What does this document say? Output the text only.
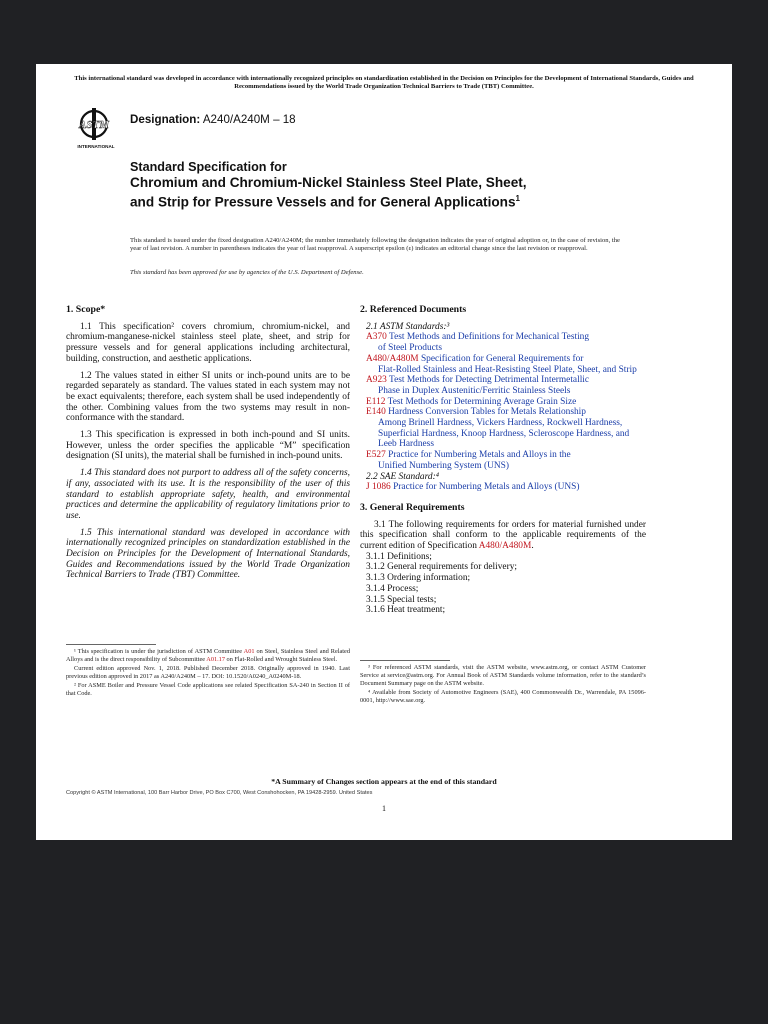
This international standard was developed in accordance with internationally recognized principles on standardization established in the Decision on Principles for the Development of International Standards, Guides and Recommendations issued by the World Trade Organization Technical Barriers to Trade (TBT) Committee.
ASTM
INTERNATIONAL
Designation: A240/A240M – 18
Standard Specification for
Chromium and Chromium-Nickel Stainless Steel Plate, Sheet, and Strip for Pressure Vessels and for General Applications$^1$
This standard is issued under the fixed designation A240/A240M; the number immediately following the designation indicates the year of original adoption or, in the case of revision, the year of last revision. A number in parentheses indicates the year of last reapproval. A superscript epsilon (ε) indicates an editorial change since the last revision or reapproval.
This standard has been approved for use by agencies of the U.S. Department of Defense.
1. Scope*

1.1 This specification² covers chromium, chromium-nickel, and chromium-manganese-nickel stainless steel plate, sheet, and strip for pressure vessels and for general applications including architectural, building, construction, and aesthetic applications.

1.2 The values stated in either SI units or inch-pound units are to be regarded separately as standard. The values stated in each system may not be exact equivalents; therefore, each system shall be used independently of the other. Combining values from the two systems may result in non-conformance with the standard.

1.3 This specification is expressed in both inch-pound and SI units. However, unless the order specifies the applicable “M” specification designation (SI units), the material shall be furnished in inch-pound units.

1.4 This standard does not purport to address all of the safety concerns, if any, associated with its use. It is the responsibility of the user of this standard to establish appropriate safety, health, and environmental practices and determine the applicability of regulatory limitations prior to use.

1.5 This international standard was developed in accordance with internationally recognized principles on standardization established in the Decision on Principles for the Development of International Standards, Guides and Recommendations issued by the World Trade Organization Technical Barriers to Trade (TBT) Committee.

¹ This specification is under the jurisdiction of ASTM Committee A01 on Steel, Stainless Steel and Related Alloys and is the direct responsibility of Subcommittee A01.17 on Flat-Rolled and Wrought Stainless Steel.

Current edition approved Nov. 1, 2018. Published December 2018. Originally approved in 1940. Last previous edition approved in 2017 as A240/A240M – 17. DOI: 10.1520/A0240_A0240M-18.

² For ASME Boiler and Pressure Vessel Code applications see related Specification SA-240 in Section II of that Code.

2. Referenced Documents
2.1 ASTM Standards:³
A370 Test Methods and Definitions for Mechanical Testing
of Steel Products
A480/A480M Specification for General Requirements for
Flat-Rolled Stainless and Heat-Resisting Steel Plate, Sheet, and Strip
A923 Test Methods for Detecting Detrimental Intermetallic
Phase in Duplex Austenitic/Ferritic Stainless Steels
E112 Test Methods for Determining Average Grain Size
E140 Hardness Conversion Tables for Metals Relationship
Among Brinell Hardness, Vickers Hardness, Rockwell Hardness, Superficial Hardness, Knoop Hardness, Scleroscope Hardness, and Leeb Hardness
E527 Practice for Numbering Metals and Alloys in the
Unified Numbering System (UNS)
2.2 SAE Standard:⁴
J 1086 Practice for Numbering Metals and Alloys (UNS)
3. General Requirements

3.1 The following requirements for orders for material furnished under this specification shall conform to the applicable requirements of the current edition of Specification A480/A480M.

3.1.1 Definitions;
3.1.2 General requirements for delivery;
3.1.3 Ordering information;
3.1.4 Process;
3.1.5 Special tests;
3.1.6 Heat treatment;

³ For referenced ASTM standards, visit the ASTM website, www.astm.org, or contact ASTM Customer Service at service@astm.org. For Annual Book of ASTM Standards volume information, refer to the standard’s Document Summary page on the ASTM website.

⁴ Available from Society of Automotive Engineers (SAE), 400 Commonwealth Dr., Warrendale, PA 15096-0001, http://www.sae.org.

*A Summary of Changes section appears at the end of this standard
Copyright © ASTM International, 100 Barr Harbor Drive, PO Box C700, West Conshohocken, PA 19428-2959. United States
1
